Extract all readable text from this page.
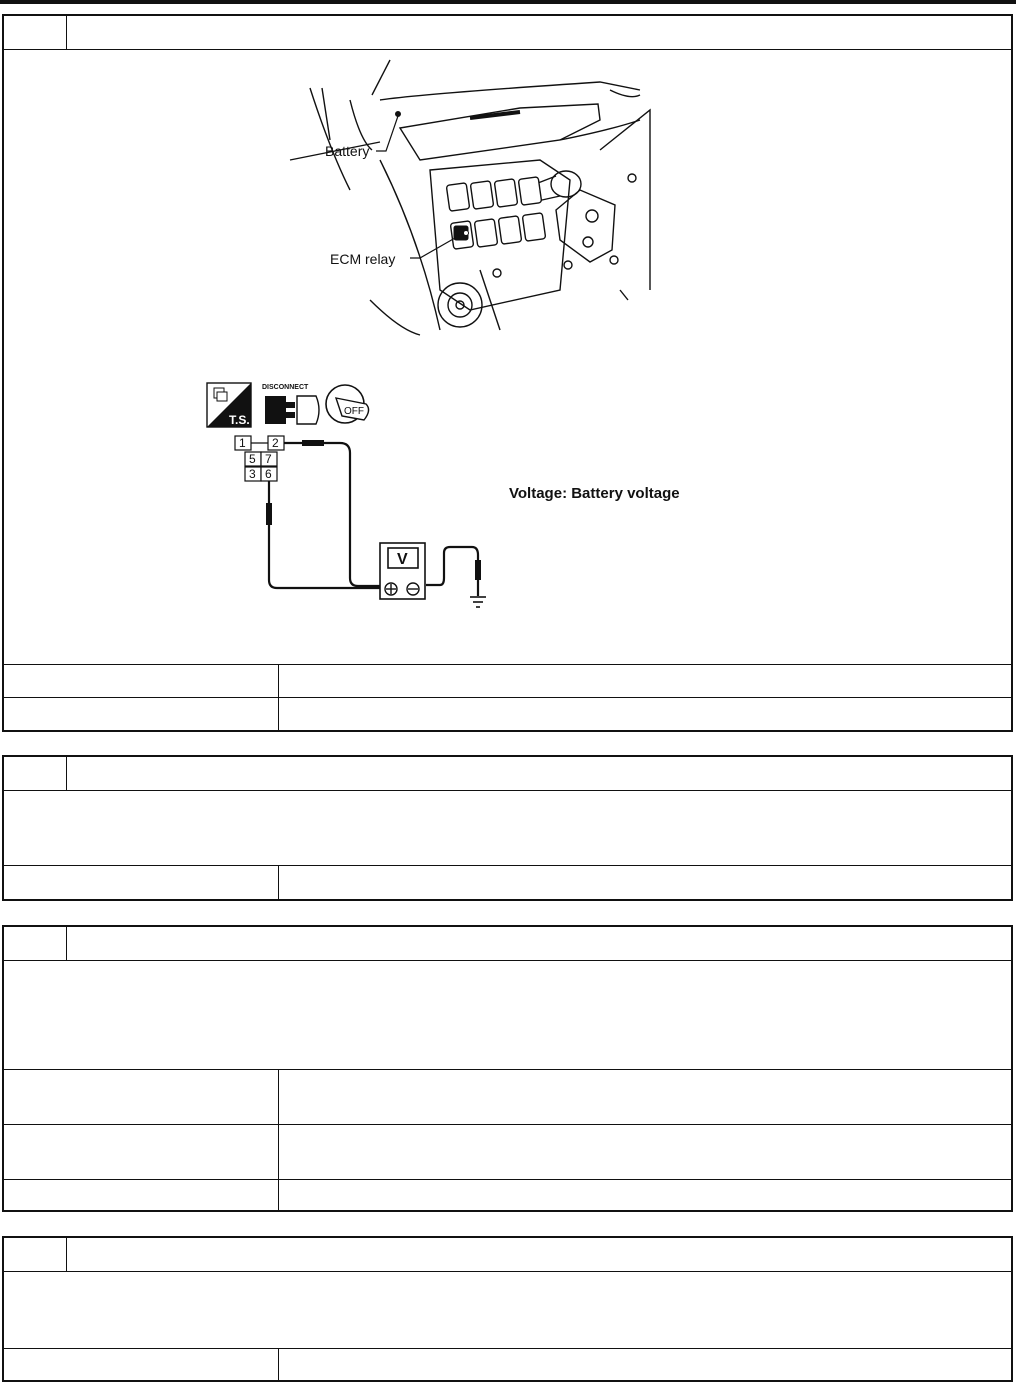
Battery
ECM relay
T.S.
DISCONNECT
OFF
1 2
5 7
3 6
V
Voltage: Battery voltage
